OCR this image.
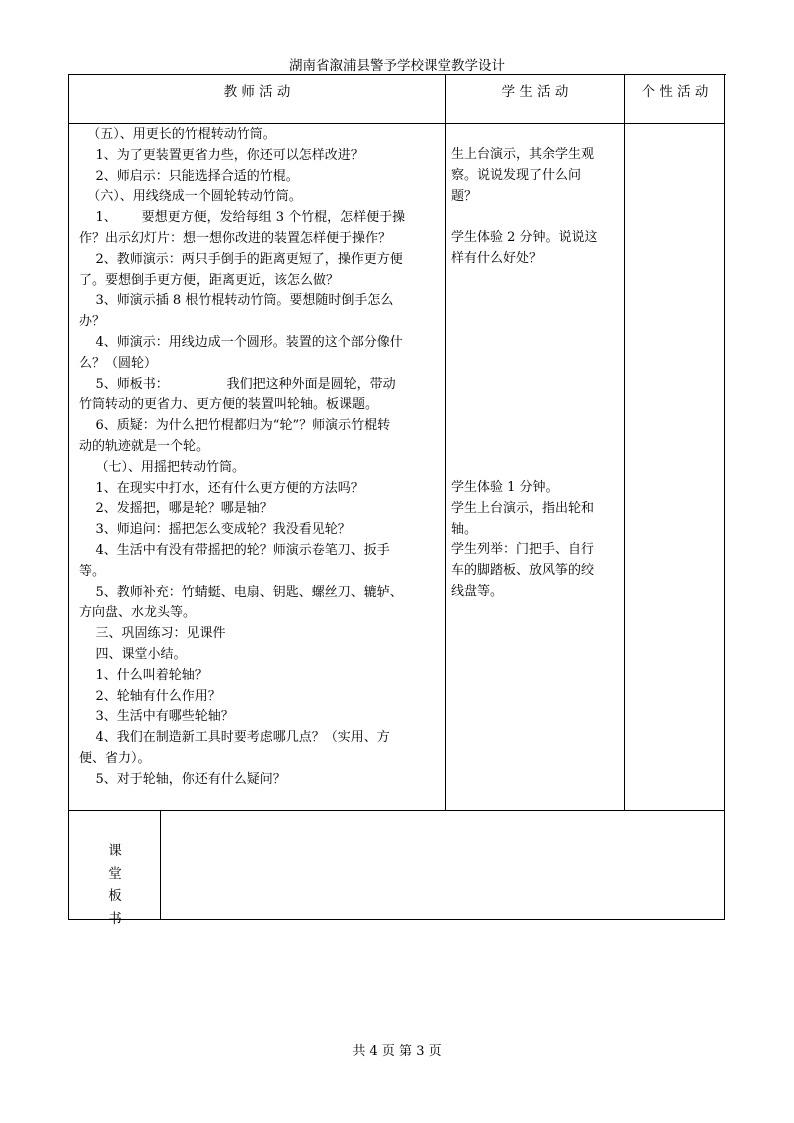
湖南省溆浦县警予学校课堂教学设计
教 师 活 动	学 生 活 动	个 性 活 动
（五）、用更长的竹棍转动竹筒。
1、为了更装置更省力些，你还可以怎样改进？
2、师启示：只能选择合适的竹棍。
（六）、用线绕成一个圆轮转动竹筒。
1、      要想更方便，发给每组 3 个竹棍，怎样便于操
作？出示幻灯片：想一想你改进的装置怎样便于操作？
2、教师演示：两只手倒手的距离更短了，操作更方便
了。要想倒手更方便，距离更近，该怎么做？
3、师演示插 8 根竹棍转动竹筒。要想随时倒手怎么
办？
4、师演示：用线边成一个圆形。装置的这个部分像什
么？（圆轮）
5、师板书：              我们把这种外面是圆轮，带动
竹筒转动的更省力、更方便的装置叫轮轴。板课题。
6、质疑：为什么把竹棍都归为“轮”？师演示竹棍转
动的轨迹就是一个轮。
（七）、用摇把转动竹筒。
1、在现实中打水，还有什么更方便的方法吗？
2、发摇把，哪是轮？哪是轴？
3、师追问：摇把怎么变成轮？我没看见轮？
4、生活中有没有带摇把的轮？师演示卷笔刀、扳手
等。
5、教师补充：竹蜻蜓、电扇、钥匙、螺丝刀、辘轳、
方向盘、水龙头等。
三、巩固练习：见课件
四、课堂小结。
1、什么叫着轮轴？
2、轮轴有什么作用？
3、生活中有哪些轮轴？
4、我们在制造新工具时要考虑哪几点？（实用、方
便、省力）。
5、对于轮轴，你还有什么疑问？
生上台演示，其余学生观
察。说说发现了什么问
题？
学生体验 2 分钟。说说这
样有什么好处？
学生体验 1 分钟。
学生上台演示，指出轮和
轴。
学生列举：门把手、自行
车的脚踏板、放风筝的绞
线盘等。
课
堂
板
书
共 4 页 第 3 页
